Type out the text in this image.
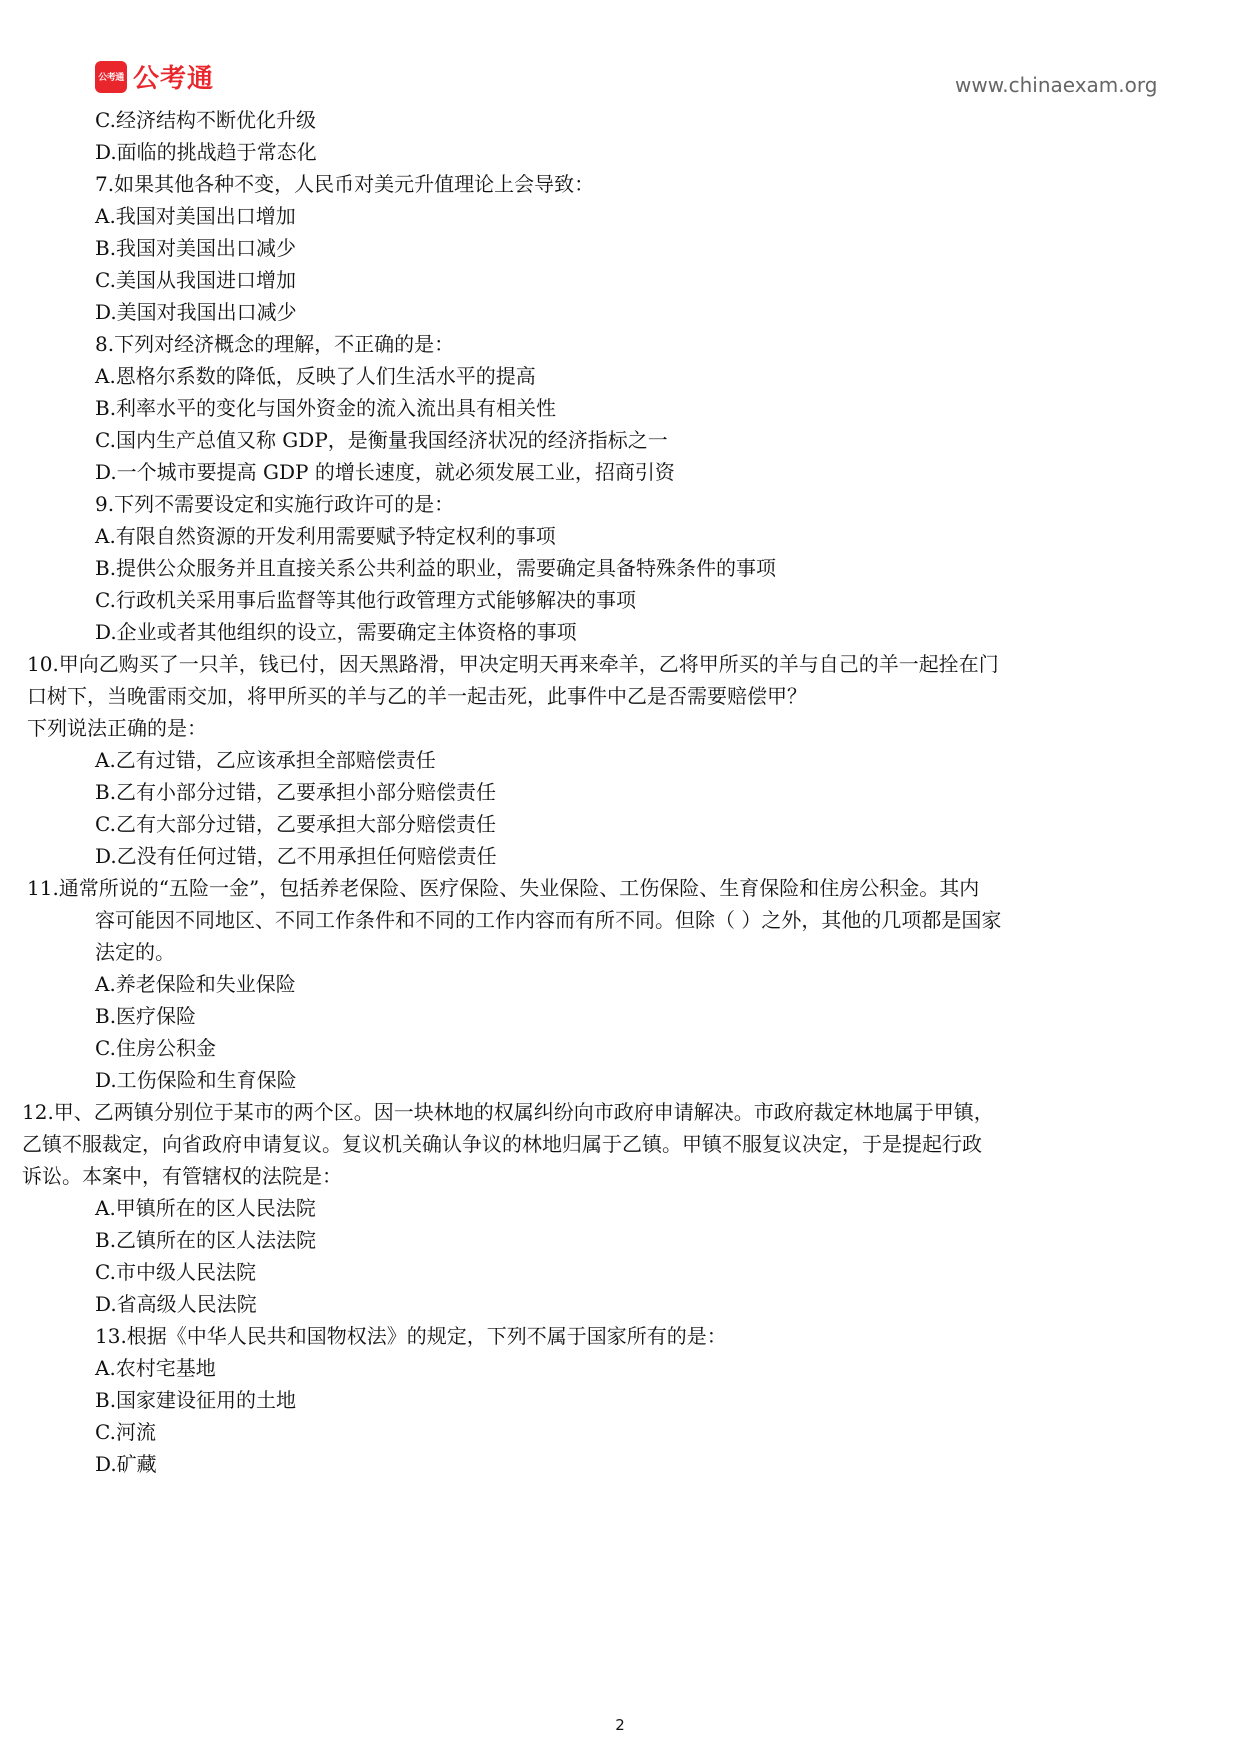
公考通 公考通	www.chinaexam.org
C.经济结构不断优化升级
D.面临的挑战趋于常态化
7.如果其他各种不变，人民币对美元升值理论上会导致：
A.我国对美国出口增加
B.我国对美国出口减少
C.美国从我国进口增加
D.美国对我国出口减少
8.下列对经济概念的理解，不正确的是：
A.恩格尔系数的降低，反映了人们生活水平的提高
B.利率水平的变化与国外资金的流入流出具有相关性
C.国内生产总值又称 GDP，是衡量我国经济状况的经济指标之一
D.一个城市要提高 GDP 的增长速度，就必须发展工业，招商引资
9.下列不需要设定和实施行政许可的是：
A.有限自然资源的开发利用需要赋予特定权利的事项
B.提供公众服务并且直接关系公共利益的职业，需要确定具备特殊条件的事项
C.行政机关采用事后监督等其他行政管理方式能够解决的事项
D.企业或者其他组织的设立，需要确定主体资格的事项
10.甲向乙购买了一只羊，钱已付，因天黑路滑，甲决定明天再来牵羊，乙将甲所买的羊与自己的羊一起拴在门
口树下，当晚雷雨交加，将甲所买的羊与乙的羊一起击死，此事件中乙是否需要赔偿甲？
下列说法正确的是：
A.乙有过错，乙应该承担全部赔偿责任
B.乙有小部分过错，乙要承担小部分赔偿责任
C.乙有大部分过错，乙要承担大部分赔偿责任
D.乙没有任何过错，乙不用承担任何赔偿责任
11.通常所说的“五险一金”，包括养老保险、医疗保险、失业保险、工伤保险、生育保险和住房公积金。其内
容可能因不同地区、不同工作条件和不同的工作内容而有所不同。但除（ ）之外，其他的几项都是国家
法定的。
A.养老保险和失业保险
B.医疗保险
C.住房公积金
D.工伤保险和生育保险
12.甲、乙两镇分别位于某市的两个区。因一块林地的权属纠纷向市政府申请解决。市政府裁定林地属于甲镇，
乙镇不服裁定，向省政府申请复议。复议机关确认争议的林地归属于乙镇。甲镇不服复议决定，于是提起行政
诉讼。本案中，有管辖权的法院是：
A.甲镇所在的区人民法院
B.乙镇所在的区人法法院
C.市中级人民法院
D.省高级人民法院
13.根据《中华人民共和国物权法》的规定，下列不属于国家所有的是：
A.农村宅基地
B.国家建设征用的土地
C.河流
D.矿藏
2
